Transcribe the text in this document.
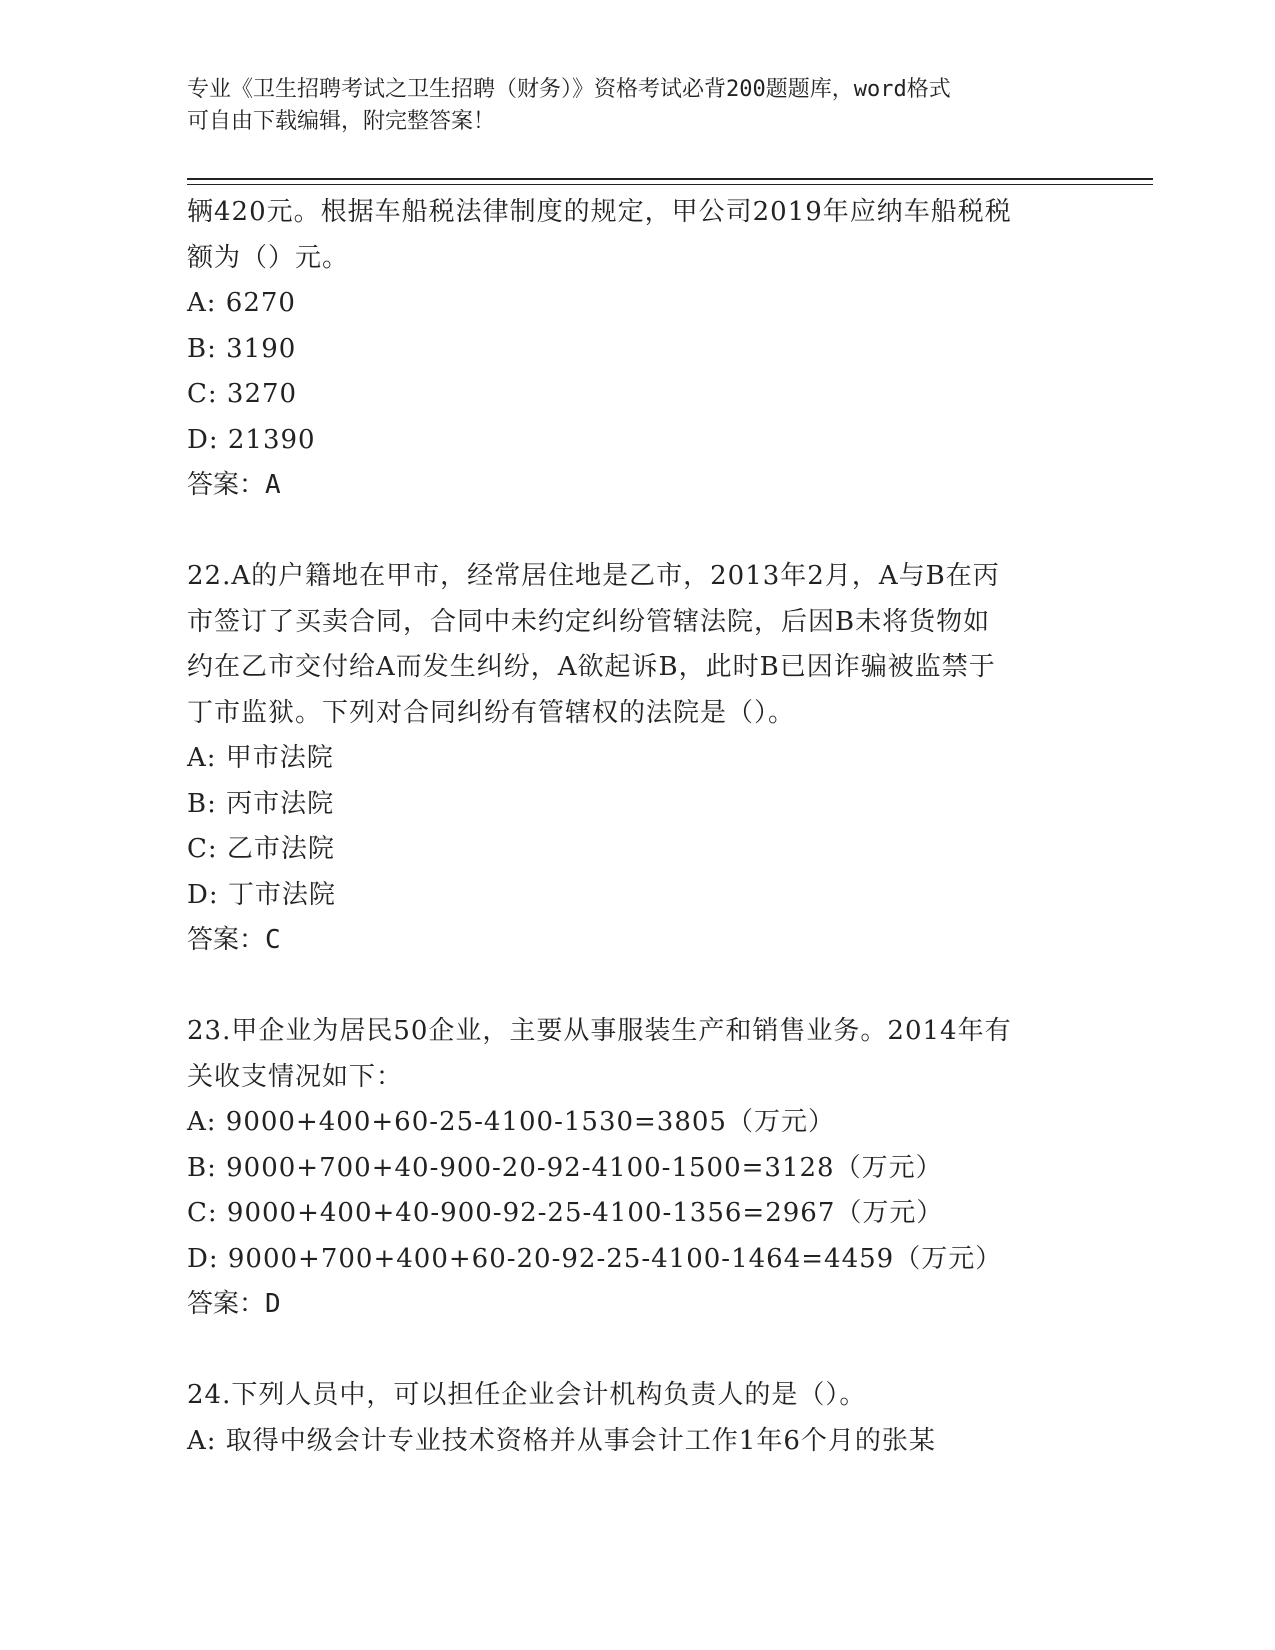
专业《卫生招聘考试之卫生招聘（财务）》资格考试必背200题题库，word格式
可自由下载编辑，附完整答案！
辆420元。根据车船税法律制度的规定，甲公司2019年应纳车船税税
额为（）元。
A: 6270
B: 3190
C: 3270
D: 21390
答案：A
22.A的户籍地在甲市，经常居住地是乙市，2013年2月，A与B在丙
市签订了买卖合同，合同中未约定纠纷管辖法院，后因B未将货物如
约在乙市交付给A而发生纠纷，A欲起诉B，此时B已因诈骗被监禁于
丁市监狱。下列对合同纠纷有管辖权的法院是（）。
A: 甲市法院
B: 丙市法院
C: 乙市法院
D: 丁市法院
答案：C
23.甲企业为居民50企业，主要从事服装生产和销售业务。2014年有
关收支情况如下：
A: 9000+400+60-25-4100-1530=3805（万元）
B: 9000+700+40-900-20-92-4100-1500=3128（万元）
C: 9000+400+40-900-92-25-4100-1356=2967（万元）
D: 9000+700+400+60-20-92-25-4100-1464=4459（万元）
答案：D
24.下列人员中，可以担任企业会计机构负责人的是（）。
A: 取得中级会计专业技术资格并从事会计工作1年6个月的张某
